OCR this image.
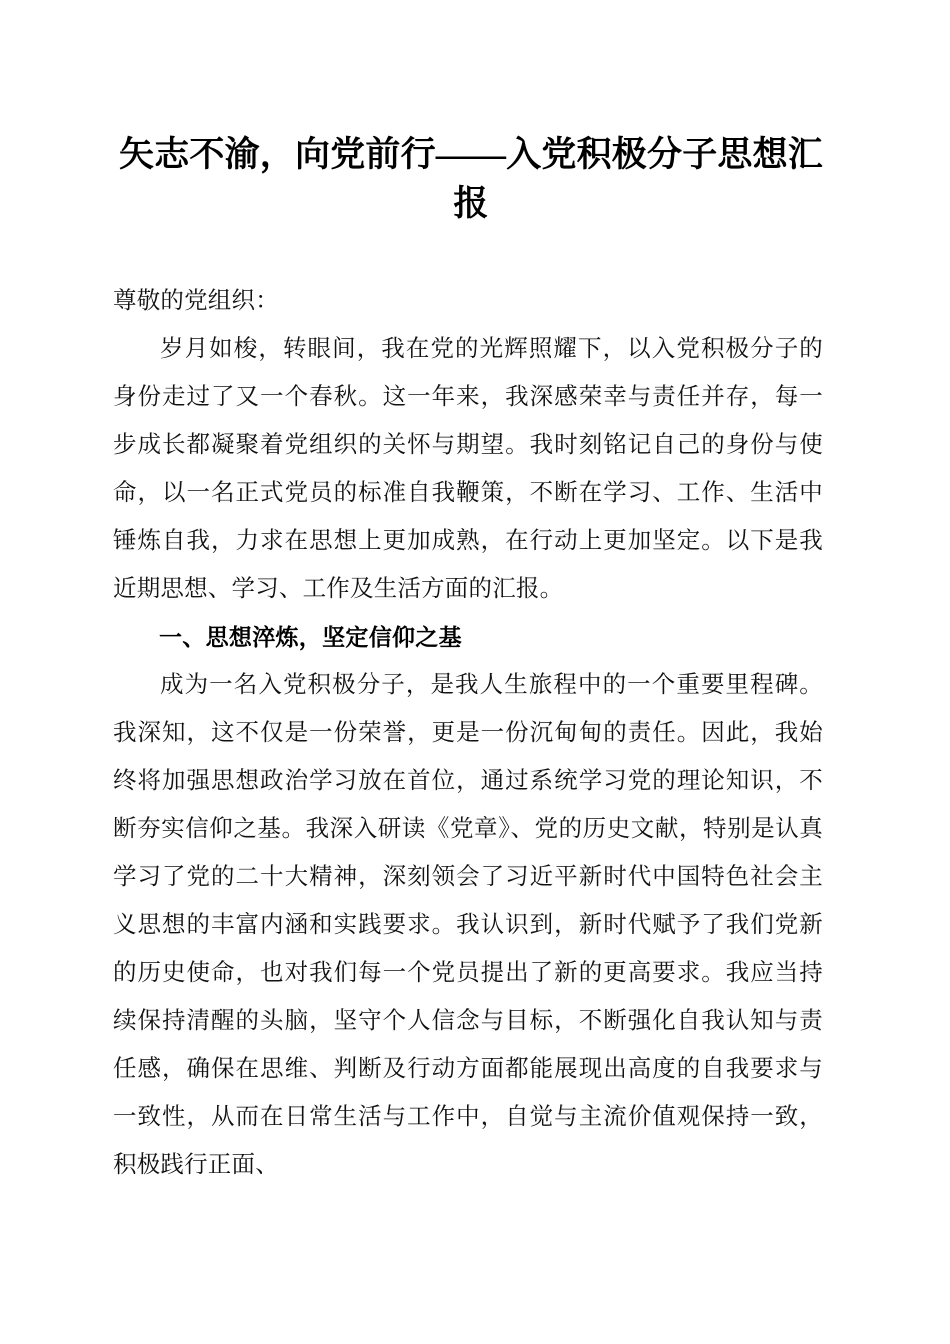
矢志不渝，向党前行——入党积极分子思想汇报

尊敬的党组织：

岁月如梭，转眼间，我在党的光辉照耀下，以入党积极分子的身份走过了又一个春秋。这一年来，我深感荣幸与责任并存，每一步成长都凝聚着党组织的关怀与期望。我时刻铭记自己的身份与使命，以一名正式党员的标准自我鞭策，不断在学习、工作、生活中锤炼自我，力求在思想上更加成熟，在行动上更加坚定。以下是我近期思想、学习、工作及生活方面的汇报。

一、思想淬炼，坚定信仰之基

成为一名入党积极分子，是我人生旅程中的一个重要里程碑。我深知，这不仅是一份荣誉，更是一份沉甸甸的责任。因此，我始终将加强思想政治学习放在首位，通过系统学习党的理论知识，不断夯实信仰之基。我深入研读《党章》、党的历史文献，特别是认真学习了党的二十大精神，深刻领会了习近平新时代中国特色社会主义思想的丰富内涵和实践要求。我认识到，新时代赋予了我们党新的历史使命，也对我们每一个党员提出了新的更高要求。我应当持续保持清醒的头脑，坚守个人信念与目标，不断强化自我认知与责任感，确保在思维、判断及行动方面都能展现出高度的自我要求与一致性，从而在日常生活与工作中，自觉与主流价值观保持一致，积极践行正面、
